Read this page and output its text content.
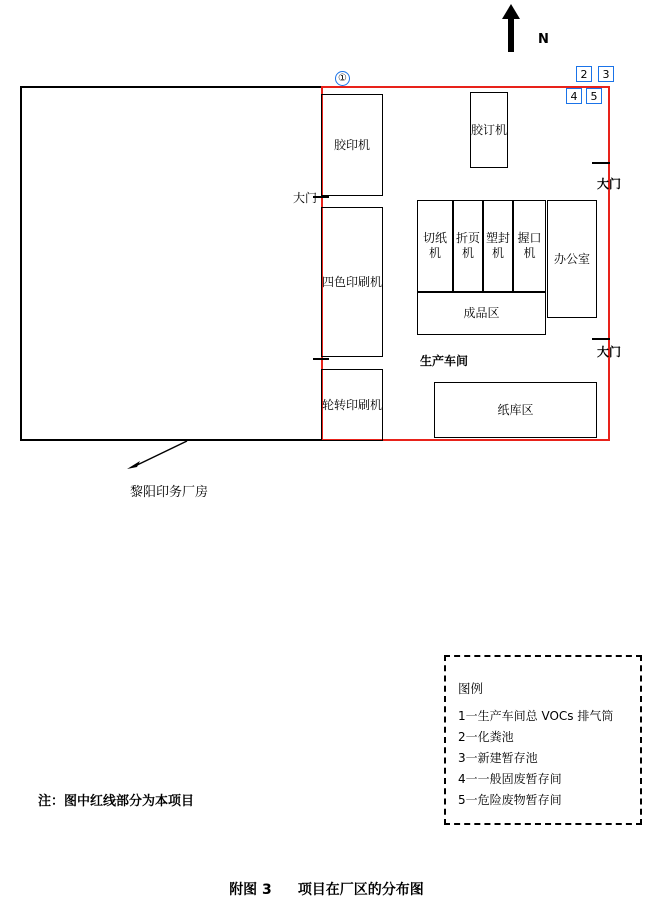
N
胶印机
四色印刷机
轮转印刷机
胶订机
切纸机
折页机
塑封机
握口机
成品区
办公室
纸库区
生产车间
大门
大门
大门
①	2	3
4	5
黎阳印务厂房
图例
1一生产车间总 VOCs 排气筒
2一化粪池
3一新建暂存池
4一一般固废暂存间
5一危险废物暂存间
注：图中红线部分为本项目
附图 3 项目在厂区的分布图
